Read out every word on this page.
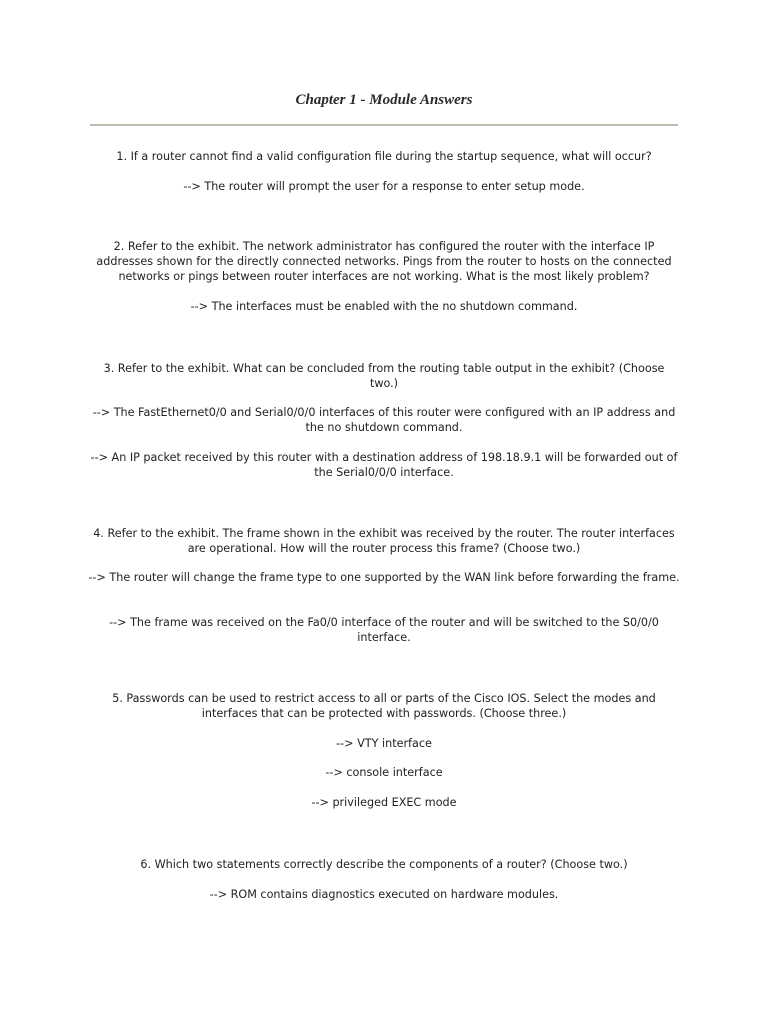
Chapter 1 - Module Answers
1. If a router cannot find a valid configuration file during the startup sequence, what will occur?
--> The router will prompt the user for a response to enter setup mode.
2. Refer to the exhibit. The network administrator has configured the router with the interface IP addresses shown for the directly connected networks. Pings from the router to hosts on the connected networks or pings between router interfaces are not working. What is the most likely problem?
--> The interfaces must be enabled with the no shutdown command.
3. Refer to the exhibit. What can be concluded from the routing table output in the exhibit? (Choose two.)
--> The FastEthernet0/0 and Serial0/0/0 interfaces of this router were configured with an IP address and the no shutdown command.
--> An IP packet received by this router with a destination address of 198.18.9.1 will be forwarded out of the Serial0/0/0 interface.
4. Refer to the exhibit. The frame shown in the exhibit was received by the router. The router interfaces are operational. How will the router process this frame? (Choose two.)
--> The router will change the frame type to one supported by the WAN link before forwarding the frame.
--> The frame was received on the Fa0/0 interface of the router and will be switched to the S0/0/0 interface.
5. Passwords can be used to restrict access to all or parts of the Cisco IOS. Select the modes and interfaces that can be protected with passwords. (Choose three.)
--> VTY interface
--> console interface
--> privileged EXEC mode
6. Which two statements correctly describe the components of a router? (Choose two.)
--> ROM contains diagnostics executed on hardware modules.
